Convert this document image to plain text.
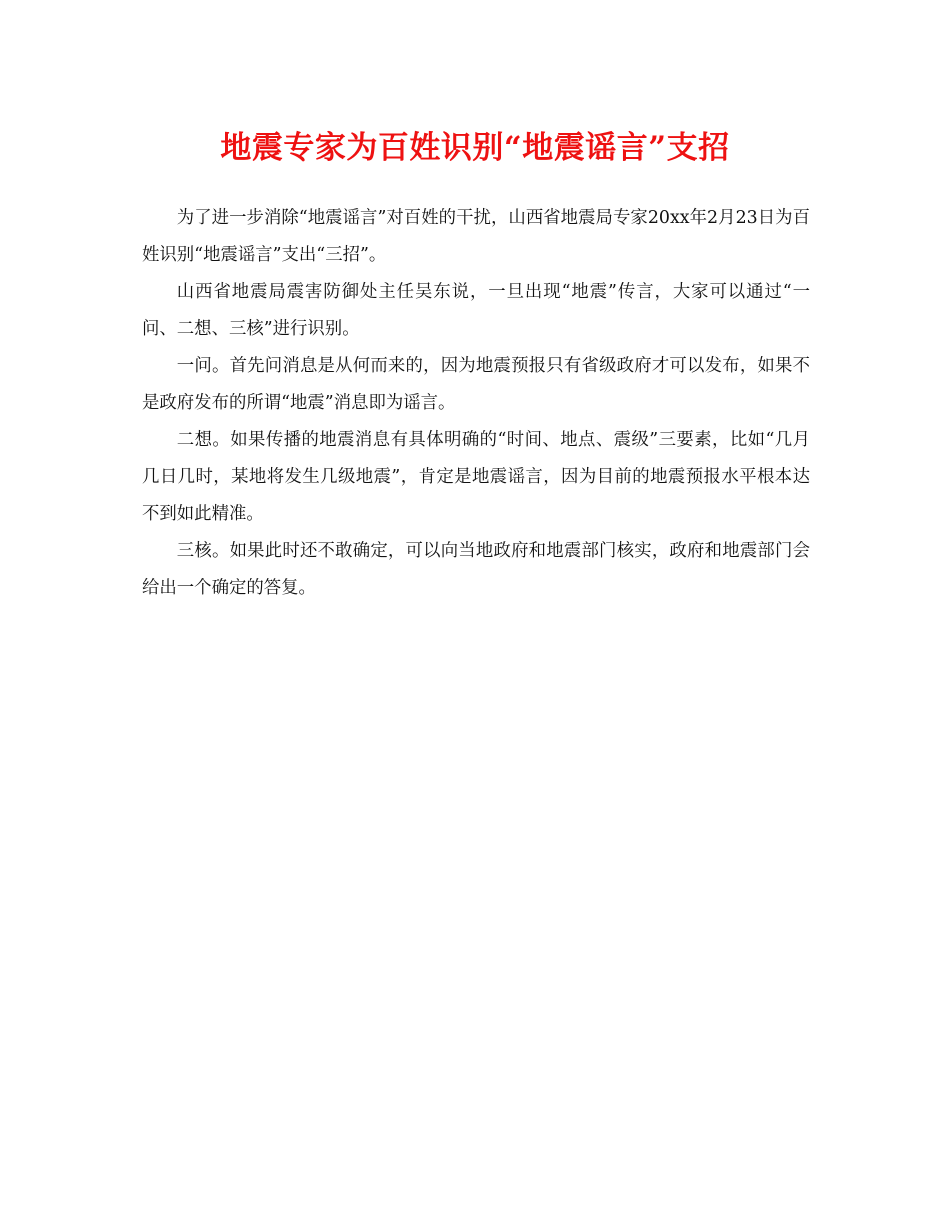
地震专家为百姓识别“地震谣言”支招

为了进一步消除“地震谣言”对百姓的干扰，山西省地震局专家20xx年2月23日为百姓识别“地震谣言”支出“三招”。

山西省地震局震害防御处主任吴东说，一旦出现“地震”传言，大家可以通过“一问、二想、三核”进行识别。

一问。首先问消息是从何而来的，因为地震预报只有省级政府才可以发布，如果不是政府发布的所谓“地震”消息即为谣言。

二想。如果传播的地震消息有具体明确的“时间、地点、震级”三要素，比如“几月几日几时，某地将发生几级地震”，肯定是地震谣言，因为目前的地震预报水平根本达不到如此精准。

三核。如果此时还不敢确定，可以向当地政府和地震部门核实，政府和地震部门会给出一个确定的答复。
